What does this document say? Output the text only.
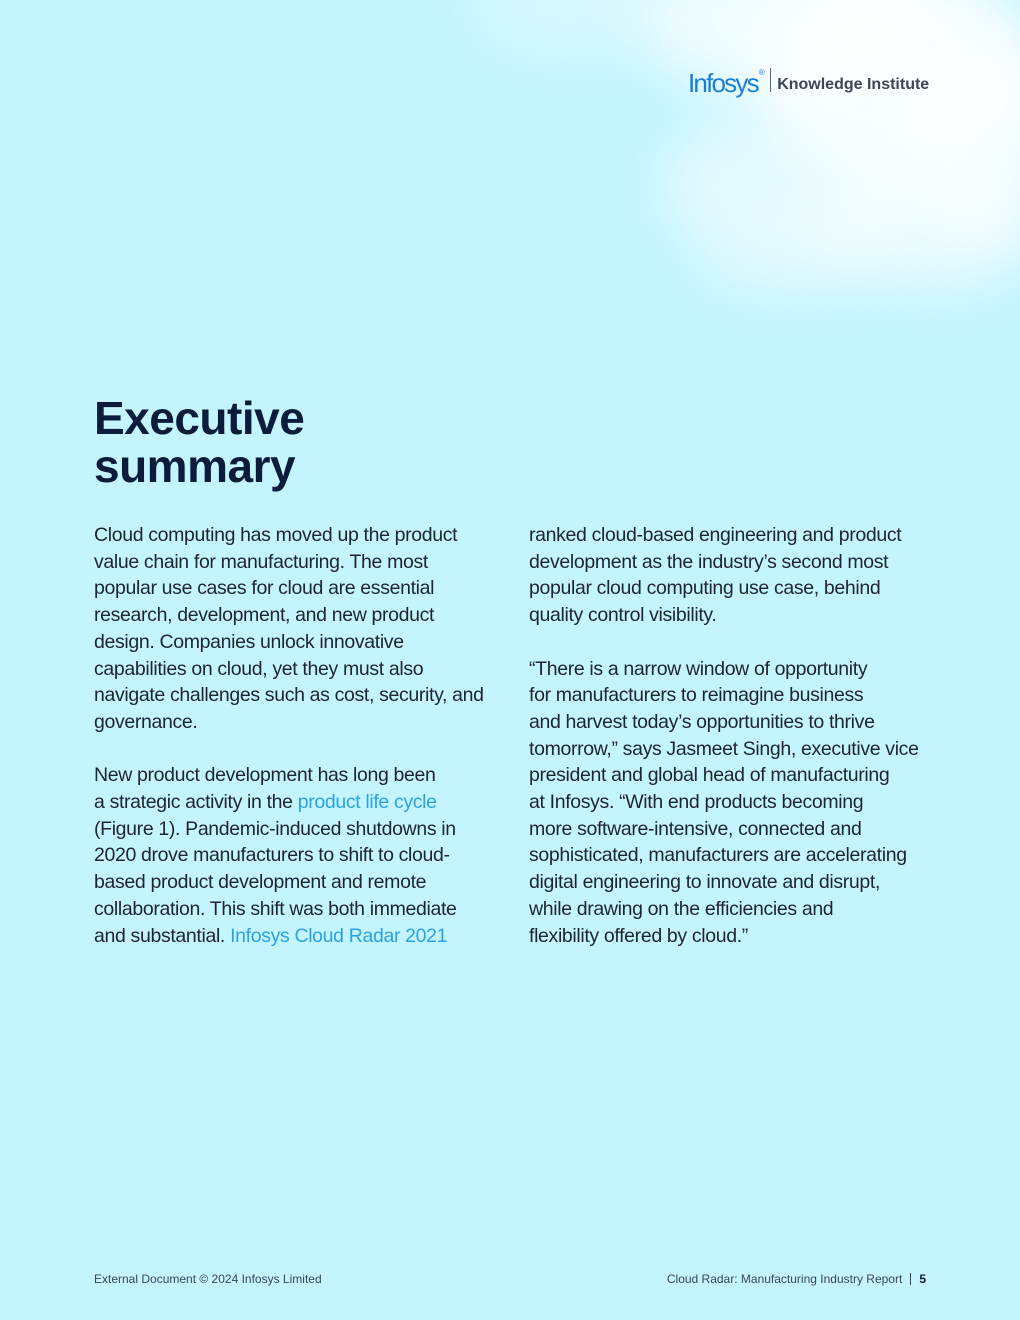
Infosys ®
Knowledge Institute
Executive
summary

Cloud computing has moved up the product
value chain for manufacturing. The most
popular use cases for cloud are essential
research, development, and new product
design. Companies unlock innovative
capabilities on cloud, yet they must also
navigate challenges such as cost, security, and
governance.

New product development has long been
a strategic activity in the product life cycle
(Figure 1). Pandemic-induced shutdowns in
2020 drove manufacturers to shift to cloud-
based product development and remote
collaboration. This shift was both immediate
and substantial. Infosys Cloud Radar 2021

ranked cloud-based engineering and product
development as the industry’s second most
popular cloud computing use case, behind
quality control visibility.

“There is a narrow window of opportunity
for manufacturers to reimagine business
and harvest today’s opportunities to thrive
tomorrow,” says Jasmeet Singh, executive vice
president and global head of manufacturing
at Infosys. “With end products becoming
more software-intensive, connected and
sophisticated, manufacturers are accelerating
digital engineering to innovate and disrupt,
while drawing on the efficiencies and
flexibility offered by cloud.”

External Document © 2024 Infosys Limited	Cloud Radar: Manufacturing Industry Report 5
